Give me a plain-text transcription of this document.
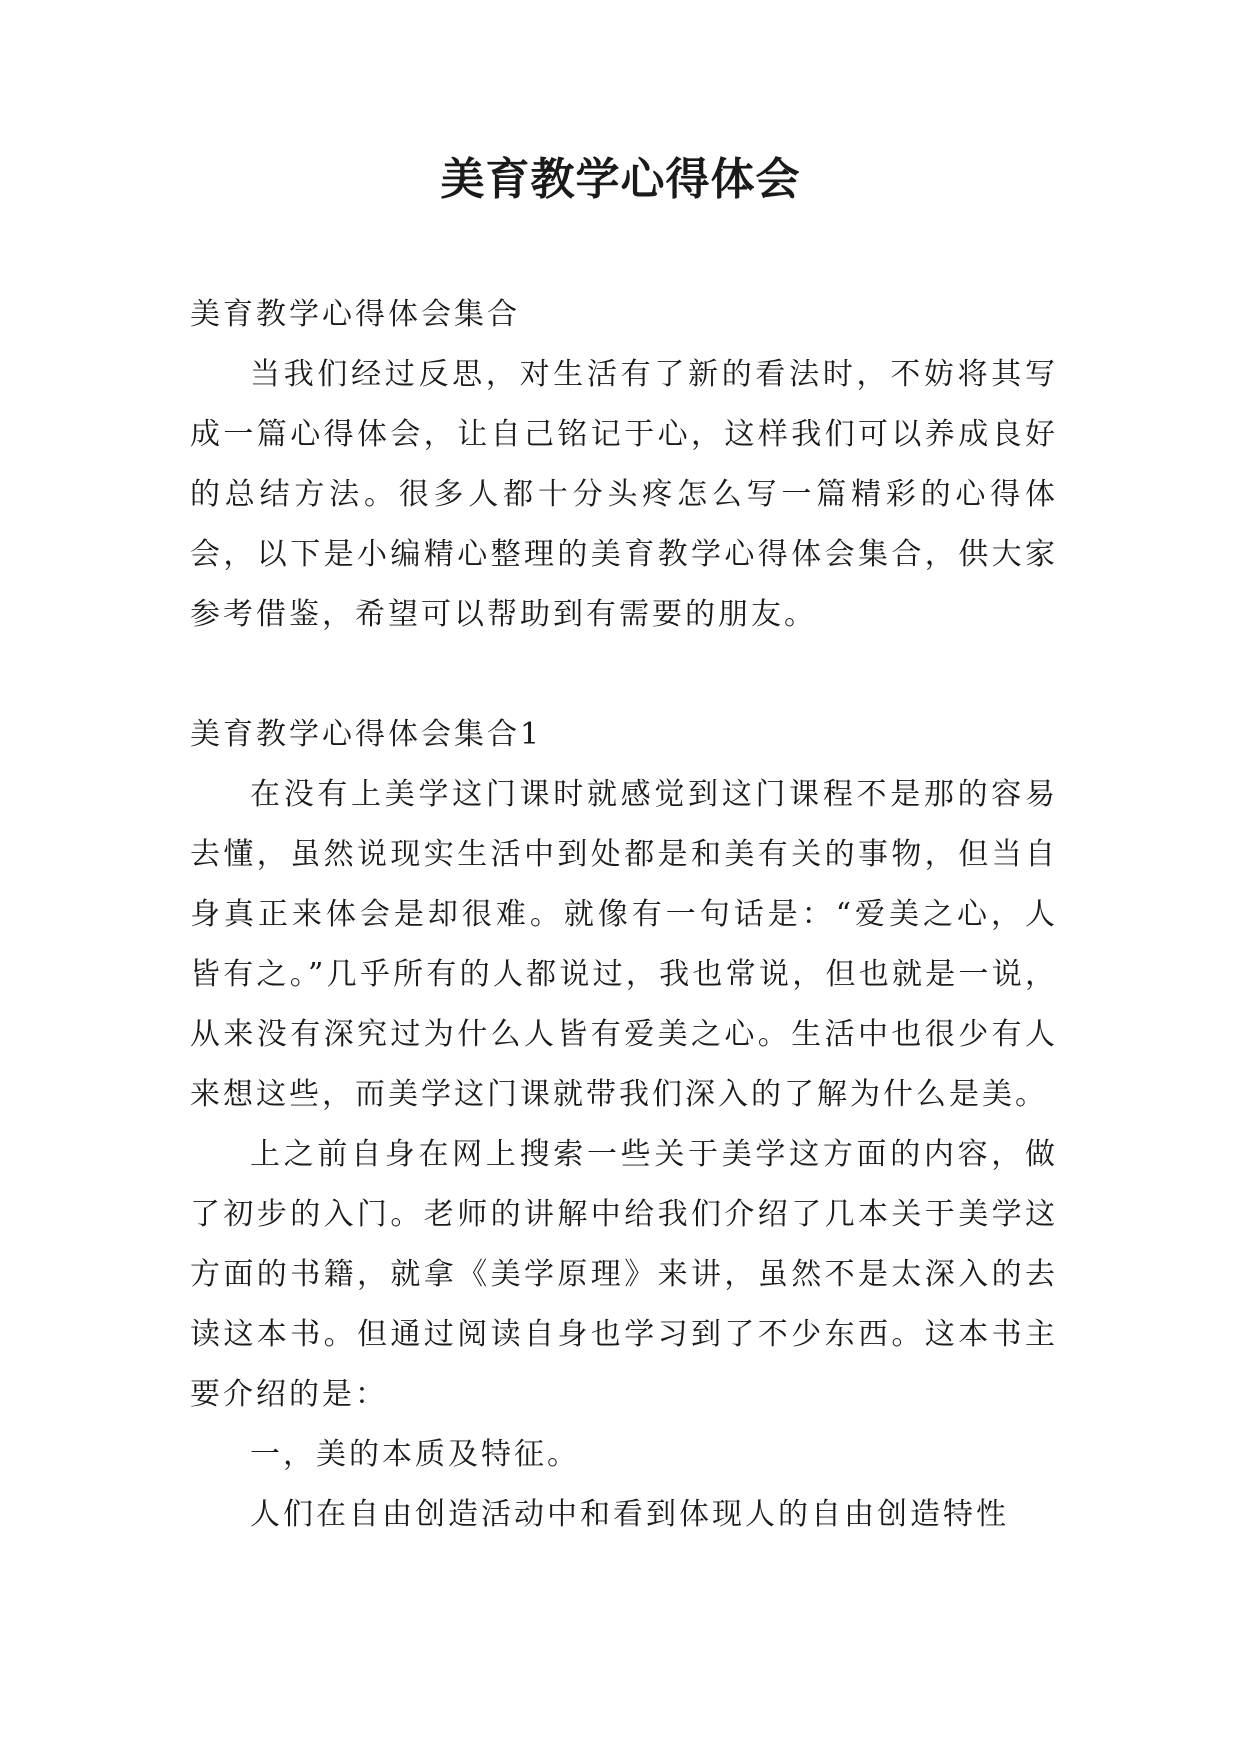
美育教学心得体会

美育教学心得体会集合

当我们经过反思，对生活有了新的看法时，不妨将其写成一篇心得体会，让自己铭记于心，这样我们可以养成良好的总结方法。很多人都十分头疼怎么写一篇精彩的心得体会，以下是小编精心整理的美育教学心得体会集合，供大家参考借鉴，希望可以帮助到有需要的朋友。

美育教学心得体会集合1

在没有上美学这门课时就感觉到这门课程不是那的容易去懂，虽然说现实生活中到处都是和美有关的事物，但当自身真正来体会是却很难。就像有一句话是：“爱美之心，人皆有之。”几乎所有的人都说过，我也常说，但也就是一说，从来没有深究过为什么人皆有爱美之心。生活中也很少有人来想这些，而美学这门课就带我们深入的了解为什么是美。

上之前自身在网上搜索一些关于美学这方面的内容，做了初步的入门。老师的讲解中给我们介绍了几本关于美学这方面的书籍，就拿《美学原理》来讲，虽然不是太深入的去读这本书。但通过阅读自身也学习到了不少东西。这本书主要介绍的是：

一，美的本质及特征。

人们在自由创造活动中和看到体现人的自由创造特性
